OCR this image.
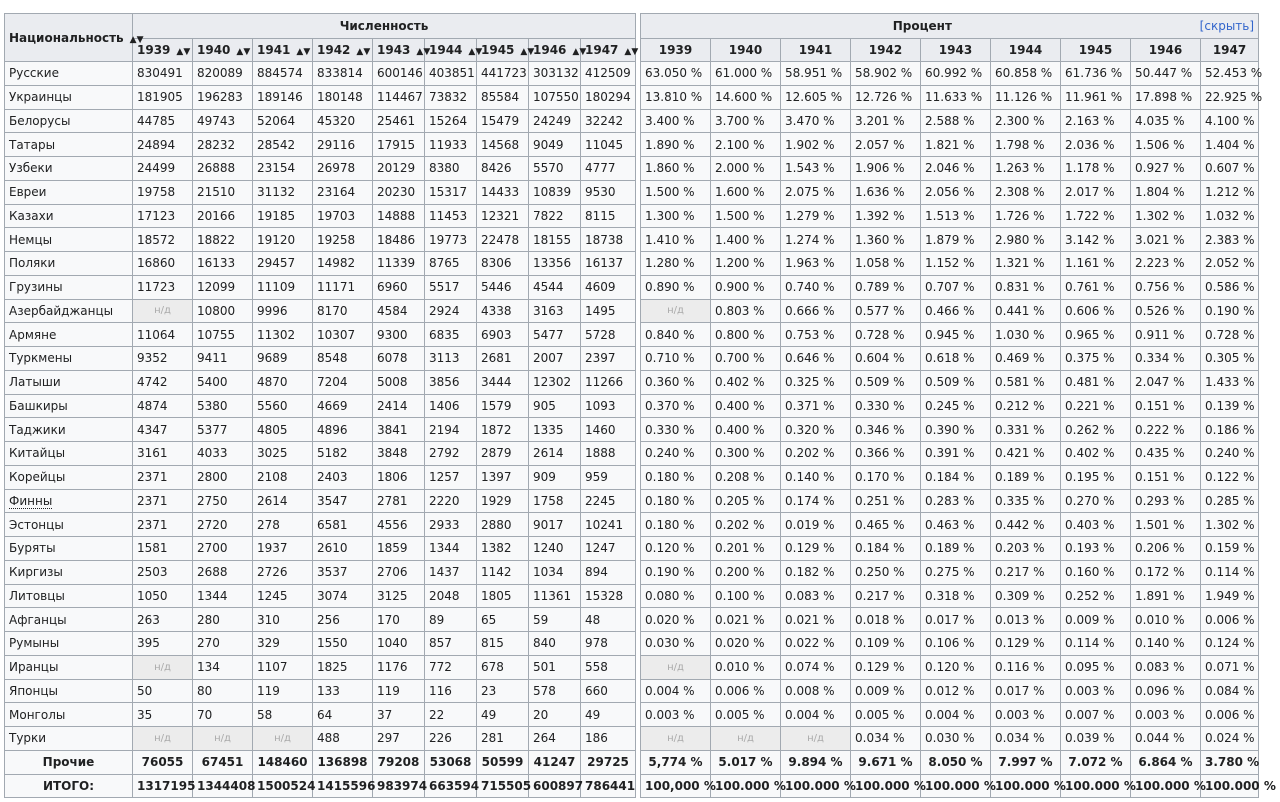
Национальность ▲▼	Численность								
	1939 ▲▼	1940 ▲▼	1941 ▲▼	1942 ▲▼	1943 ▲▼	1944 ▲▼	1945 ▲▼	1946 ▲▼	1947 ▲▼
Русские	830491	820089	884574	833814	600146	403851	441723	303132	412509
Украинцы	181905	196283	189146	180148	114467	73832	85584	107550	180294
Белорусы	44785	49743	52064	45320	25461	15264	15479	24249	32242
Татары	24894	28232	28542	29116	17915	11933	14568	9049	11045
Узбеки	24499	26888	23154	26978	20129	8380	8426	5570	4777
Евреи	19758	21510	31132	23164	20230	15317	14433	10839	9530
Казахи	17123	20166	19185	19703	14888	11453	12321	7822	8115
Немцы	18572	18822	19120	19258	18486	19773	22478	18155	18738
Поляки	16860	16133	29457	14982	11339	8765	8306	13356	16137
Грузины	11723	12099	11109	11171	6960	5517	5446	4544	4609
Азербайджанцы	н/д	10800	9996	8170	4584	2924	4338	3163	1495
Армяне	11064	10755	11302	10307	9300	6835	6903	5477	5728
Туркмены	9352	9411	9689	8548	6078	3113	2681	2007	2397
Латыши	4742	5400	4870	7204	5008	3856	3444	12302	11266
Башкиры	4874	5380	5560	4669	2414	1406	1579	905	1093
Таджики	4347	5377	4805	4896	3841	2194	1872	1335	1460
Китайцы	3161	4033	3025	5182	3848	2792	2879	2614	1888
Корейцы	2371	2800	2108	2403	1806	1257	1397	909	959
Финны	2371	2750	2614	3547	2781	2220	1929	1758	2245
Эстонцы	2371	2720	278	6581	4556	2933	2880	9017	10241
Буряты	1581	2700	1937	2610	1859	1344	1382	1240	1247
Киргизы	2503	2688	2726	3537	2706	1437	1142	1034	894
Литовцы	1050	1344	1245	3074	3125	2048	1805	11361	15328
Афганцы	263	280	310	256	170	89	65	59	48
Румыны	395	270	329	1550	1040	857	815	840	978
Иранцы	н/д	134	1107	1825	1176	772	678	501	558
Японцы	50	80	119	133	119	116	23	578	660
Монголы	35	70	58	64	37	22	49	20	49
Турки	н/д	н/д	н/д	488	297	226	281	264	186
Прочие	76055	67451	148460	136898	79208	53068	50599	41247	29725
ИТОГО:	1317195	1344408	1500524	1415596	983974	663594	715505	600897	786441
Процент [скрыть]								

1939	1940	1941	1942	1943	1944	1945	1946	1947
63.050 %	61.000 %	58.951 %	58.902 %	60.992 %	60.858 %	61.736 %	50.447 %	52.453 %
13.810 %	14.600 %	12.605 %	12.726 %	11.633 %	11.126 %	11.961 %	17.898 %	22.925 %
3.400 %	3.700 %	3.470 %	3.201 %	2.588 %	2.300 %	2.163 %	4.035 %	4.100 %
1.890 %	2.100 %	1.902 %	2.057 %	1.821 %	1.798 %	2.036 %	1.506 %	1.404 %
1.860 %	2.000 %	1.543 %	1.906 %	2.046 %	1.263 %	1.178 %	0.927 %	0.607 %
1.500 %	1.600 %	2.075 %	1.636 %	2.056 %	2.308 %	2.017 %	1.804 %	1.212 %
1.300 %	1.500 %	1.279 %	1.392 %	1.513 %	1.726 %	1.722 %	1.302 %	1.032 %
1.410 %	1.400 %	1.274 %	1.360 %	1.879 %	2.980 %	3.142 %	3.021 %	2.383 %
1.280 %	1.200 %	1.963 %	1.058 %	1.152 %	1.321 %	1.161 %	2.223 %	2.052 %
0.890 %	0.900 %	0.740 %	0.789 %	0.707 %	0.831 %	0.761 %	0.756 %	0.586 %
н/д	0.803 %	0.666 %	0.577 %	0.466 %	0.441 %	0.606 %	0.526 %	0.190 %
0.840 %	0.800 %	0.753 %	0.728 %	0.945 %	1.030 %	0.965 %	0.911 %	0.728 %
0.710 %	0.700 %	0.646 %	0.604 %	0.618 %	0.469 %	0.375 %	0.334 %	0.305 %
0.360 %	0.402 %	0.325 %	0.509 %	0.509 %	0.581 %	0.481 %	2.047 %	1.433 %
0.370 %	0.400 %	0.371 %	0.330 %	0.245 %	0.212 %	0.221 %	0.151 %	0.139 %
0.330 %	0.400 %	0.320 %	0.346 %	0.390 %	0.331 %	0.262 %	0.222 %	0.186 %
0.240 %	0.300 %	0.202 %	0.366 %	0.391 %	0.421 %	0.402 %	0.435 %	0.240 %
0.180 %	0.208 %	0.140 %	0.170 %	0.184 %	0.189 %	0.195 %	0.151 %	0.122 %
0.180 %	0.205 %	0.174 %	0.251 %	0.283 %	0.335 %	0.270 %	0.293 %	0.285 %
0.180 %	0.202 %	0.019 %	0.465 %	0.463 %	0.442 %	0.403 %	1.501 %	1.302 %
0.120 %	0.201 %	0.129 %	0.184 %	0.189 %	0.203 %	0.193 %	0.206 %	0.159 %
0.190 %	0.200 %	0.182 %	0.250 %	0.275 %	0.217 %	0.160 %	0.172 %	0.114 %
0.080 %	0.100 %	0.083 %	0.217 %	0.318 %	0.309 %	0.252 %	1.891 %	1.949 %
0.020 %	0.021 %	0.021 %	0.018 %	0.017 %	0.013 %	0.009 %	0.010 %	0.006 %
0.030 %	0.020 %	0.022 %	0.109 %	0.106 %	0.129 %	0.114 %	0.140 %	0.124 %
н/д	0.010 %	0.074 %	0.129 %	0.120 %	0.116 %	0.095 %	0.083 %	0.071 %
0.004 %	0.006 %	0.008 %	0.009 %	0.012 %	0.017 %	0.003 %	0.096 %	0.084 %
0.003 %	0.005 %	0.004 %	0.005 %	0.004 %	0.003 %	0.007 %	0.003 %	0.006 %
н/д	н/д	н/д	0.034 %	0.030 %	0.034 %	0.039 %	0.044 %	0.024 %
5,774 %	5.017 %	9.894 %	9.671 %	8.050 %	7.997 %	7.072 %	6.864 %	3.780 %
100,000 %	100.000 %	100.000 %	100.000 %	100.000 %	100.000 %	100.000 %	100.000 %	100.000 %
